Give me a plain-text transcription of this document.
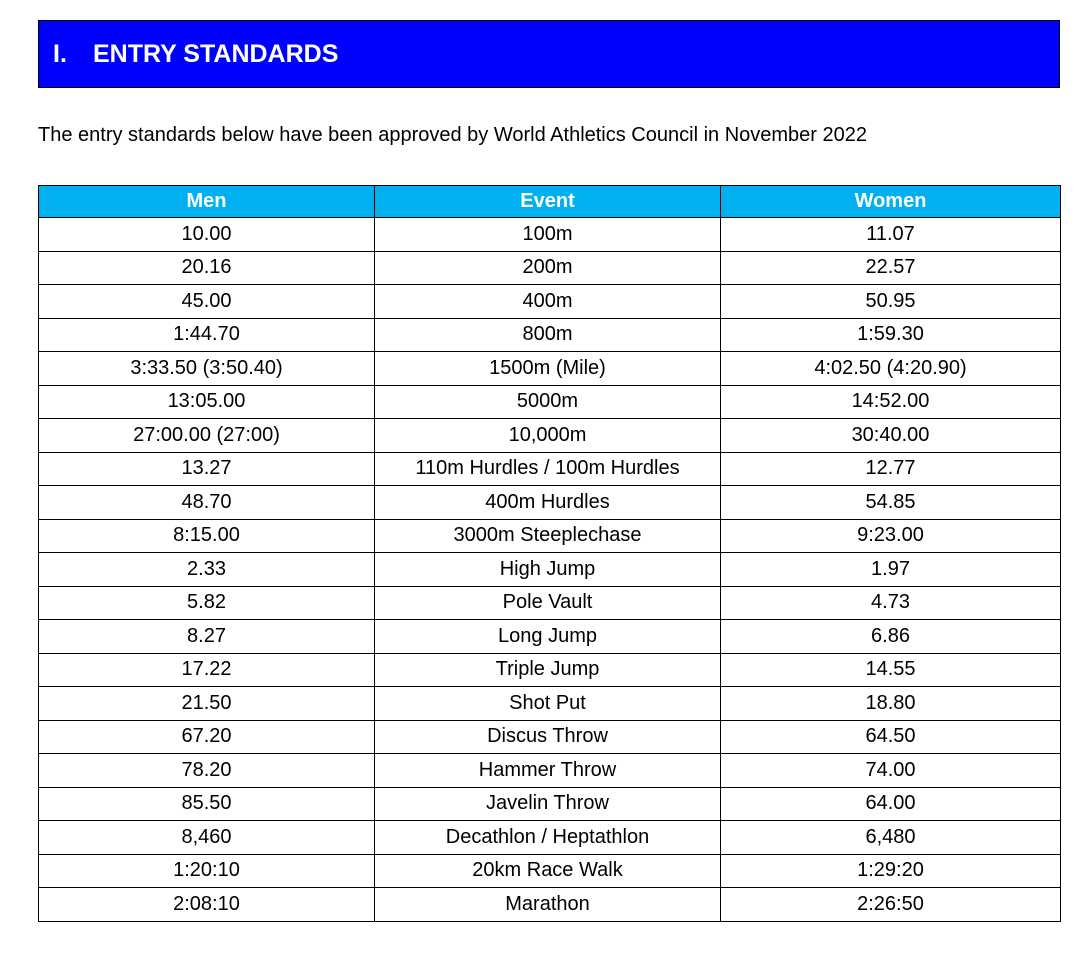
I.	ENTRY STANDARDS
The entry standards below have been approved by World Athletics Council in November 2022
Men	Event	Women
10.00	100m	11.07
20.16	200m	22.57
45.00	400m	50.95
1:44.70	800m	1:59.30
3:33.50 (3:50.40)	1500m (Mile)	4:02.50 (4:20.90)
13:05.00	5000m	14:52.00
27:00.00 (27:00)	10,000m	30:40.00
13.27	110m Hurdles / 100m Hurdles	12.77
48.70	400m Hurdles	54.85
8:15.00	3000m Steeplechase	9:23.00
2.33	High Jump	1.97
5.82	Pole Vault	4.73
8.27	Long Jump	6.86
17.22	Triple Jump	14.55
21.50	Shot Put	18.80
67.20	Discus Throw	64.50
78.20	Hammer Throw	74.00
85.50	Javelin Throw	64.00
8,460	Decathlon / Heptathlon	6,480
1:20:10	20km Race Walk	1:29:20
2:08:10	Marathon	2:26:50
